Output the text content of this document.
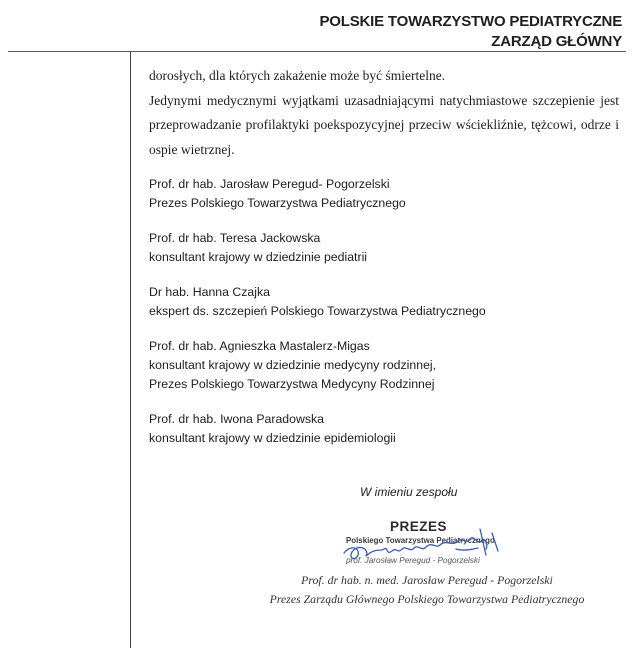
POLSKIE TOWARZYSTWO PEDIATRYCZNE
ZARZĄD GŁÓWNY

dorosłych, dla których zakażenie może być śmiertelne.

Jedynymi medycznymi wyjątkami uzasadniającymi natychmiastowe szczepienie jest przeprowadzanie profilaktyki poekspozycyjnej przeciw wściekliźnie, tężcowi, odrze i ospie wietrznej.

Prof. dr hab. Jarosław Peregud- Pogorzelski
Prezes Polskiego Towarzystwa Pediatrycznego
Prof. dr hab. Teresa Jackowska
konsultant krajowy w dziedzinie pediatrii
Dr hab. Hanna Czajka
ekspert ds. szczepień Polskiego Towarzystwa Pediatrycznego
Prof. dr hab. Agnieszka Mastalerz-Migas
konsultant krajowy w dziedzinie medycyny rodzinnej,
Prezes Polskiego Towarzystwa Medycyny Rodzinnej
Prof. dr hab. Iwona Paradowska
konsultant krajowy w dziedzinie epidemiologii
W imieniu zespołu
PREZES
Polskiego Towarzystwa Pediatrycznego
prof. Jarosław Peregud - Pogorzelski
Prof. dr hab. n. med. Jarosław Peregud - Pogorzelski
Prezes Zarządu Głównego Polskiego Towarzystwa Pediatrycznego
